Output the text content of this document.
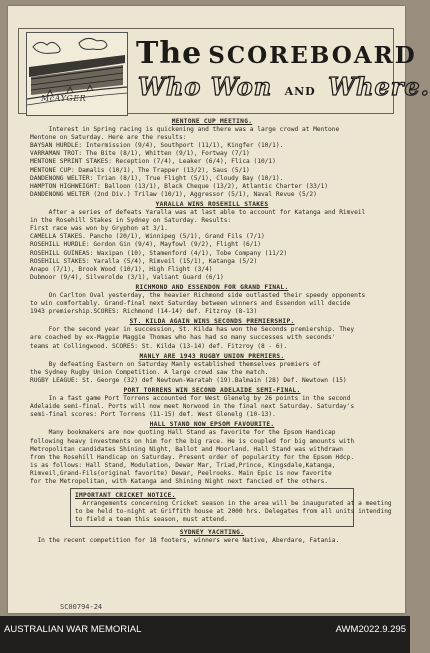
McAYGER
The SCOREBOARD
Who Won AND Where.
MENTONE CUP MEETING.
Interest in Spring racing is quickening and there was a large crowd at Mentone
Mentone on Saturday. Here are the results:
BAYSAN HURDLE: Intermission (9/4), Southport (11/1), Kingfer (10/1).
VARRAMAN TROT: The Bite (8/1), Whitten (9/1), Fortway (7/1)
MENTONE SPRINT STAKES: Reception (7/4), Leaker (6/4), Flica (10/1)
MENTONE CUP: Damalis (10/1), The Trapper (13/2), Saus (5/1)
DANDENONG WELTER: Trian (8/1), True Flight (5/1), Cloudy Bay (10/1).
HAMPTON HIGHWEIGHT: Balloon (13/1), Black Cheque (13/2), Atlantic Charter (33/1)
DANDENONG WELTER (2nd Div.) Trilaw (10/1), Aggressor (5/1), Naval Revue (5/2)
YARALLA WINS ROSEHILL STAKES
After a series of defeats Yaralla was at last able to account for Katanga and Rimveil
in the Rosehill Stakes in Sydney on Saturday. Results:
First race was won by Gryphon at 3/1.
CAMELLA STAKES. Pancho (20/1), Winnipeg (5/1), Grand Fils (7/1)
ROSEHILL HURDLE: Gordon Gin (9/4), Mayfowl (9/2), Flight (6/1)
ROSEHILL GUINEAS: Waxipan (10), Stamenford (4/1), Tobe Company (11/2)
ROSEHILL STAKES: Yaralla (5/4), Rimveil (15/1), Katanga (5/2)
Anapo (7/1), Brook Wood (10/1), High Flight (3/4)
Dubmoor (9/4), Silverolde (3/1), Valiant Guard (6/1)
RICHMOND AND ESSENDON FOR GRAND FINAL.
On Carlton Oval yesterday, the heavier Richmond side outlasted their speedy opponents
to win comfortably. Grand-final next Saturday between winners and Essendon will decide
1943 premiership.SCORES: Richmond (14-14) def. Fitzroy (8-13)
ST. KILDA AGAIN WINS SECONDS PREMIERSHIP.
For the second year in succession, St. Kilda has won the Seconds premiership. They
are coached by ex-Magpie Maggie Thomas who has had so many successes with seconds'
teams at Collingwood. SCORES: St. Kilda (13-14) def. Fitzroy (8 - 6).
MANLY ARE 1943 RUGBY UNION PREMIERS.
By defeating Eastern on Saturday Manly established themselves premiers of
the Sydney Rugby Union Competition. A large crowd saw the match.
RUGBY LEAGUE: St. George (32) def Newtown-Waratah (19).Balmain (28) Def. Newtown (15)
PORT TORRENS WIN SECOND ADELAIDE SEMI-FINAL.
In a fast game Port Torrens accounted for West Glenelg by 26 points in the second
Adelaide semi-final. Ports will now meet Norwood in the final next Saturday. Saturday's
semi-final scores: Port Torrens (11-15) def. West Glenelg (10-13).
HALL STAND NOW EPSOM FAVOURITE.
Many bookmakers are now quoting Hall Stand as favorite for the Epsom Handicap
following heavy investments on him for the big race. He is coupled for big amounts with
Metropolitan candidates Shining Night, Ballot and Moorland. Hall Stand was withdrawn
from the Rosehill Handicap on Saturday. Present order of popularity for the Epsom Hdcp.
is as follows: Hall Stand, Modulation, Dewar Mar, Triad,Prince, Kingsdale,Katanga,
Rimveil,Grand-Fils(original favorite) Dewar, Peelrooks. Main Epic is now favorite
for the Metropolitan, with Katanga and Shining Night next fancied of the others.
IMPORTANT CRICKET NOTICE.
Arrangements concerning Cricket season in the area will be inaugurated at a meeting
to be held to-night at Griffith house at 2000 hrs. Delegates from all units intending
to field a team this season, must attend.
SYDNEY YACHTING.
In the recent competition for 18 footers, winners were Native, Aberdare, Fatania.
SC00794-24
AUSTRALIAN WAR MEMORIAL	AWM2022.9.295
